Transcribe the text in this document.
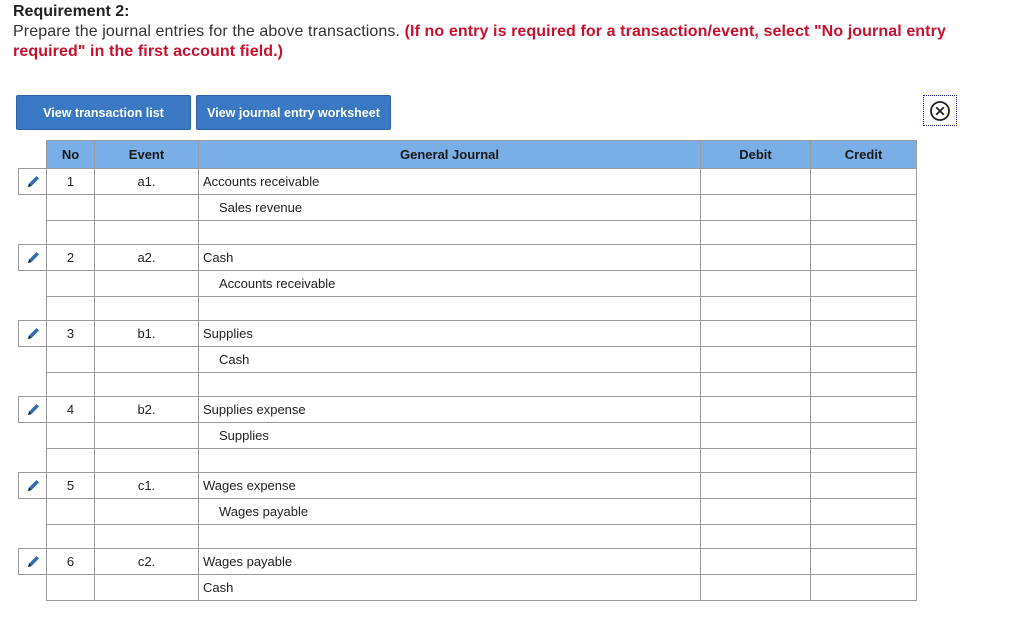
Requirement 2:
Prepare the journal entries for the above transactions. (If no entry is required for a transaction/event, select "No journal entry required" in the first account field.)
View transaction list	View journal entry worksheet
	No	Event	General Journal	Debit	Credit
	1	a1.	Accounts receivable		
			Sales revenue		

	2	a2.	Cash		
			Accounts receivable		

	3	b1.	Supplies		
			Cash		

	4	b2.	Supplies expense		
			Supplies		

	5	c1.	Wages expense		
			Wages payable		

	6	c2.	Wages payable		
			Cash		
